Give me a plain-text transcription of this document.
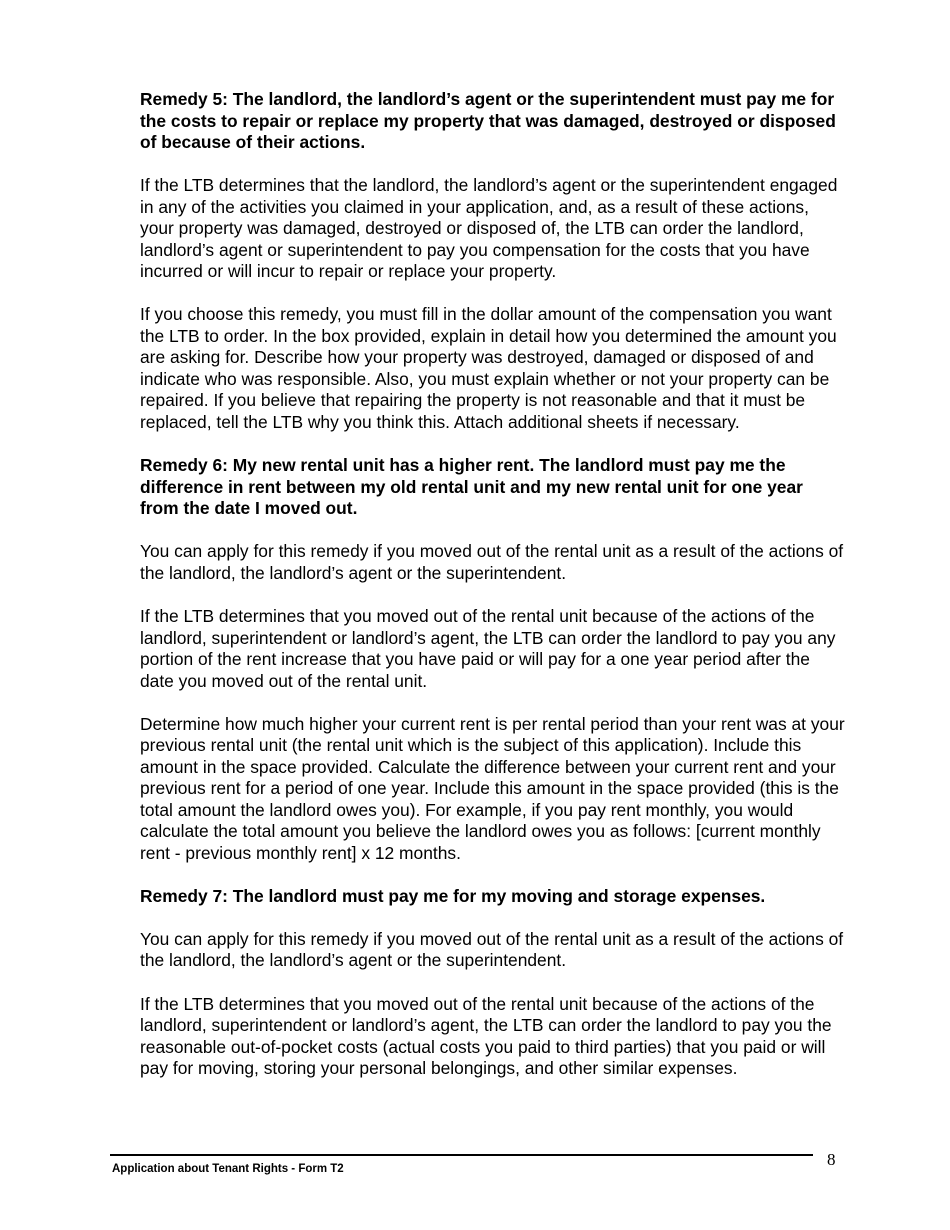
Remedy 5: The landlord, the landlord’s agent or the superintendent must pay me for the costs to repair or replace my property that was damaged, destroyed or disposed of because of their actions.

If the LTB determines that the landlord, the landlord’s agent or the superintendent engaged in any of the activities you claimed in your application, and, as a result of these actions, your property was damaged, destroyed or disposed of, the LTB can order the landlord, landlord’s agent or superintendent to pay you compensation for the costs that you have incurred or will incur to repair or replace your property.

If you choose this remedy, you must fill in the dollar amount of the compensation you want the LTB to order. In the box provided, explain in detail how you determined the amount you are asking for. Describe how your property was destroyed, damaged or disposed of and indicate who was responsible. Also, you must explain whether or not your property can be repaired. If you believe that repairing the property is not reasonable and that it must be replaced, tell the LTB why you think this. Attach additional sheets if necessary.

Remedy 6: My new rental unit has a higher rent. The landlord must pay me the difference in rent between my old rental unit and my new rental unit for one year from the date I moved out.

You can apply for this remedy if you moved out of the rental unit as a result of the actions of the landlord, the landlord’s agent or the superintendent.

If the LTB determines that you moved out of the rental unit because of the actions of the landlord, superintendent or landlord’s agent, the LTB can order the landlord to pay you any portion of the rent increase that you have paid or will pay for a one year period after the date you moved out of the rental unit.

Determine how much higher your current rent is per rental period than your rent was at your previous rental unit (the rental unit which is the subject of this application). Include this amount in the space provided. Calculate the difference between your current rent and your previous rent for a period of one year. Include this amount in the space provided (this is the total amount the landlord owes you). For example, if you pay rent monthly, you would calculate the total amount you believe the landlord owes you as follows: [current monthly rent - previous monthly rent] x 12 months.

Remedy 7: The landlord must pay me for my moving and storage expenses.

You can apply for this remedy if you moved out of the rental unit as a result of the actions of the landlord, the landlord’s agent or the superintendent.

If the LTB determines that you moved out of the rental unit because of the actions of the landlord, superintendent or landlord’s agent, the LTB can order the landlord to pay you the reasonable out-of-pocket costs (actual costs you paid to third parties) that you paid or will pay for moving, storing your personal belongings, and other similar expenses.

Application about Tenant Rights - Form T2	8
